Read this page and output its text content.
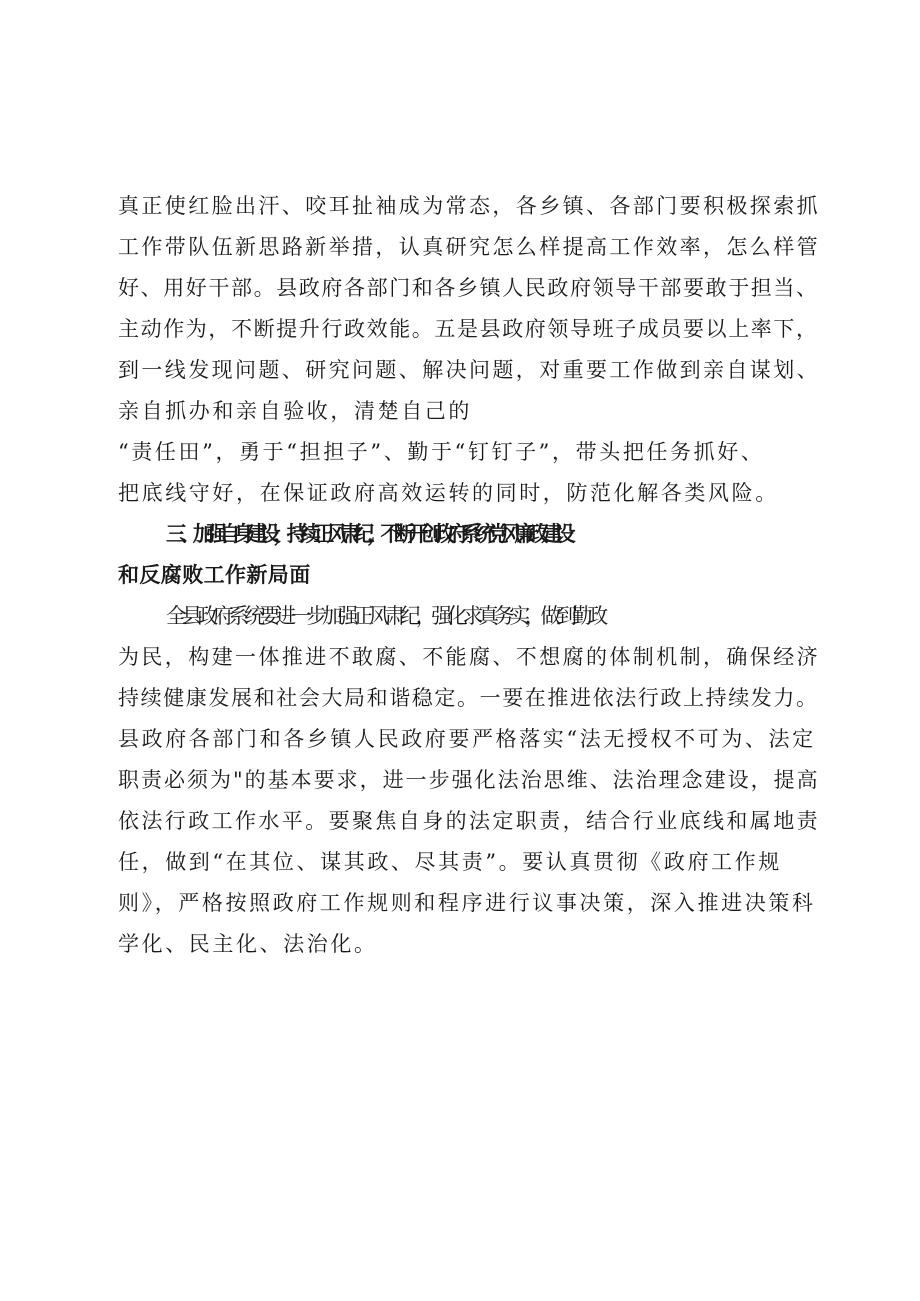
真正使红脸出汗、咬耳扯袖成为常态，各乡镇、各部门要积极探索抓
工作带队伍新思路新举措，认真研究怎么样提高工作效率，怎么样管
好、用好干部。县政府各部门和各乡镇人民政府领导干部要敢于担当、
主动作为，不断提升行政效能。五是县政府领导班子成员要以上率下，
到一线发现问题、研究问题、解决问题，对重要工作做到亲自谋划、
亲自抓办和亲自验收，清楚自己的
“责任田”，勇于“担担子”、勤于“钉钉子”，带头把任务抓好、
把底线守好，在保证政府高效运转的同时，防范化解各类风险。
三、加强自身建设，持续正风肃纪，不断开创政府系统党风廉政建设
和反腐败工作新局面
全县政府系统要进一步加强正风肃纪，强化求真务实，做到勤政
为民，构建一体推进不敢腐、不能腐、不想腐的体制机制，确保经济
持续健康发展和社会大局和谐稳定。一要在推进依法行政上持续发力。
县政府各部门和各乡镇人民政府要严格落实“法无授权不可为、法定
职责必须为"的基本要求，进一步强化法治思维、法治理念建设，提高
依法行政工作水平。要聚焦自身的法定职责，结合行业底线和属地责
任，做到“在其位、谋其政、尽其责”。要认真贯彻《政府工作规
则》，严格按照政府工作规则和程序进行议事决策，深入推进决策科
学化、民主化、法治化。
